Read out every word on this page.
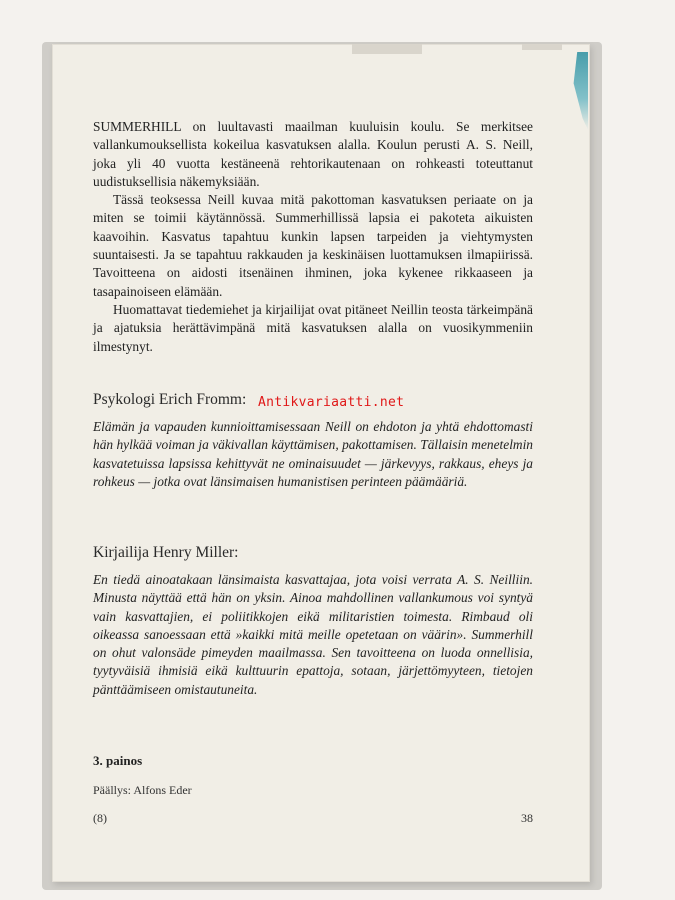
SUMMERHILL on luultavasti maailman kuuluisin koulu. Se merkitsee vallankumouksellista kokeilua kasvatuksen alalla. Koulun perusti A. S. Neill, joka yli 40 vuotta kestäneenä rehtorikautenaan on rohkeasti toteuttanut uudistuksellisia näkemyksiään.

Tässä teoksessa Neill kuvaa mitä pakottoman kasvatuksen periaate on ja miten se toimii käytännössä. Summerhillissä lapsia ei pakoteta aikuisten kaavoihin. Kasvatus tapahtuu kunkin lapsen tarpeiden ja viehtymysten suuntaisesti. Ja se tapahtuu rakkauden ja keskinäisen luottamuksen ilmapiirissä. Tavoitteena on aidosti itsenäinen ihminen, joka kykenee rikkaaseen ja tasapainoiseen elämään.

Huomattavat tiedemiehet ja kirjailijat ovat pitäneet Neillin teosta tärkeimpänä ja ajatuksia herättävimpänä mitä kasvatuksen alalla on vuosikymmeniin ilmestynyt.

Psykologi Erich Fromm:
Elämän ja vapauden kunnioittamisessaan Neill on ehdoton ja yhtä ehdottomasti hän hylkää voiman ja väkivallan käyttämisen, pakottamisen. Tällaisin menetelmin kasvatetuissa lapsissa kehittyvät ne ominaisuudet — järkevyys, rakkaus, eheys ja rohkeus — jotka ovat länsimaisen humanistisen perinteen päämääriä.
Kirjailija Henry Miller:
En tiedä ainoatakaan länsimaista kasvattajaa, jota voisi verrata A. S. Neilliin. Minusta näyttää että hän on yksin. Ainoa mahdollinen vallankumous voi syntyä vain kasvattajien, ei poliitikkojen eikä militaristien toimesta. Rimbaud oli oikeassa sanoessaan että »kaikki mitä meille opetetaan on väärin». Summerhill on ohut valonsäde pimeyden maailmassa. Sen tavoitteena on luoda onnellisia, tyytyväisiä ihmisiä eikä kulttuurin epattoja, sotaan, järjettömyyteen, tietojen pänttäämiseen omistautuneita.
3. painos
Päällys: Alfons Eder
(8)	38
Antikvariaatti.net
